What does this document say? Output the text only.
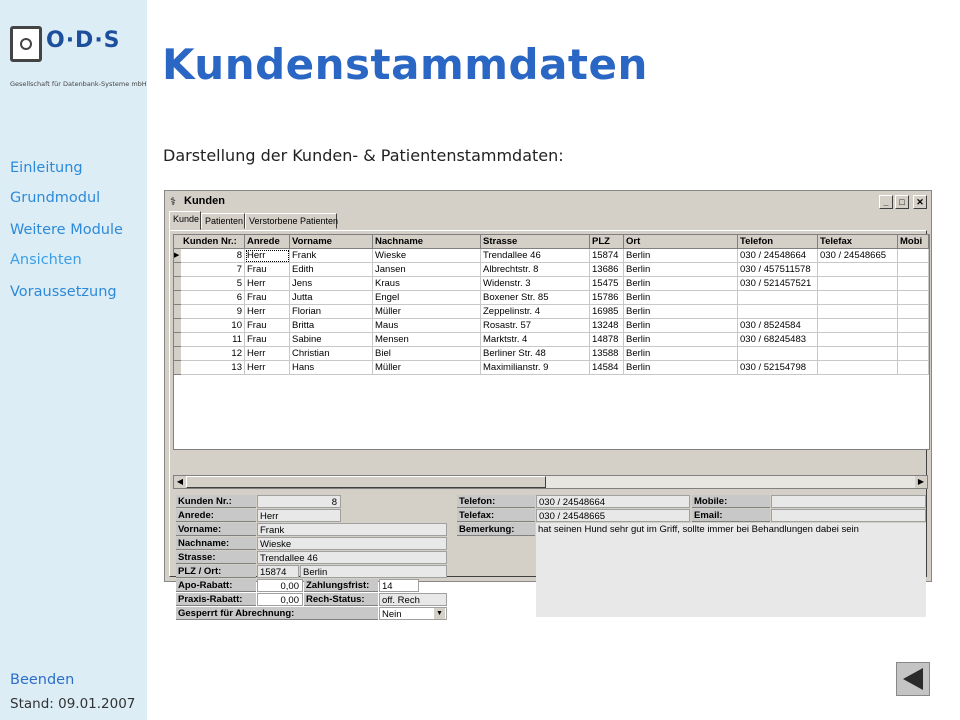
O·D·S
Gesellschaft für Datenbank-Systeme mbH
Einleitung
Grundmodul
Weitere Module
Ansichten
Voraussetzung
Beenden
Stand: 09.01.2007
Kundenstammdaten
Darstellung der Kunden- & Patientenstammdaten:
⚕ Kunden	_	□	✕
Kunde Patienten Verstorbene Patienten
Kunden Nr.:	Anrede	Vorname	Nachname	Strasse	PLZ	Ort	Telefon	Telefax	Mobi
▶	8 Herr	Frank	Wieske	Trendallee 46	15874 Berlin	030 / 24548664	030 / 24548665
7 Frau	Edith	Jansen	Albrechtstr. 8	13686 Berlin	030 / 457511578
5 Herr	Jens	Kraus	Widenstr. 3	15475 Berlin	030 / 521457521
6 Frau	Jutta	Engel	Boxener Str. 85	15786 Berlin
9 Herr	Florian	Müller	Zeppelinstr. 4	16985 Berlin
10 Frau	Britta	Maus	Rosastr. 57	13248 Berlin	030 / 8524584
11 Frau	Sabine	Mensen	Marktstr. 4	14878 Berlin	030 / 68245483
12 Herr	Christian	Biel	Berliner Str. 48	13588 Berlin
13 Herr	Hans	Müller	Maximilianstr. 9	14584 Berlin	030 / 52154798
◀	▶
Kunden Nr.:	8
Anrede:	Herr
Vorname:	Frank
Nachname:	Wieske
Strasse:	Trendallee 46
PLZ / Ort:	15874	Berlin
Apo-Rabatt:	0,00 Zahlungsfrist:	14
Praxis-Rabatt:	0,00 Rech-Status:	off. Rech
Gesperrt für Abrechnung:	Nein	▼
Telefon:	030 / 24548664
Telefax:	030 / 24548665
Bemerkung:	hat seinen Hund sehr gut im Griff, sollte immer bei Behandlungen dabei sein
Mobile:
Email:
